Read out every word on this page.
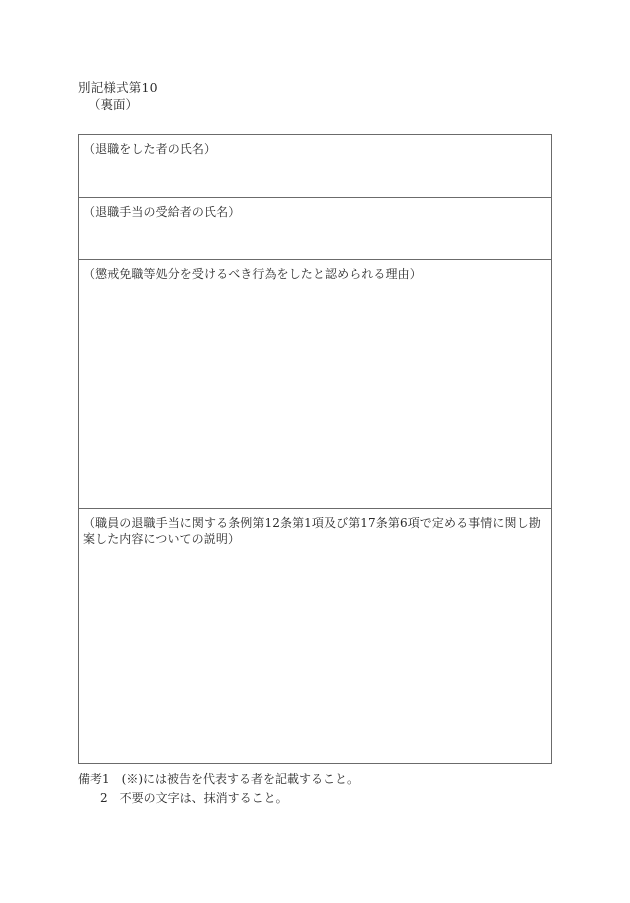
別記様式第10
（裏面）
（退職をした者の氏名）
（退職手当の受給者の氏名）
（懲戒免職等処分を受けるべき行為をしたと認められる理由）
（職員の退職手当に関する条例第12条第1項及び第17条第6項で定める事情に関し勘案した内容についての説明）
備考1　(※)には被告を代表する者を記載すること。
2　不要の文字は、抹消すること。
